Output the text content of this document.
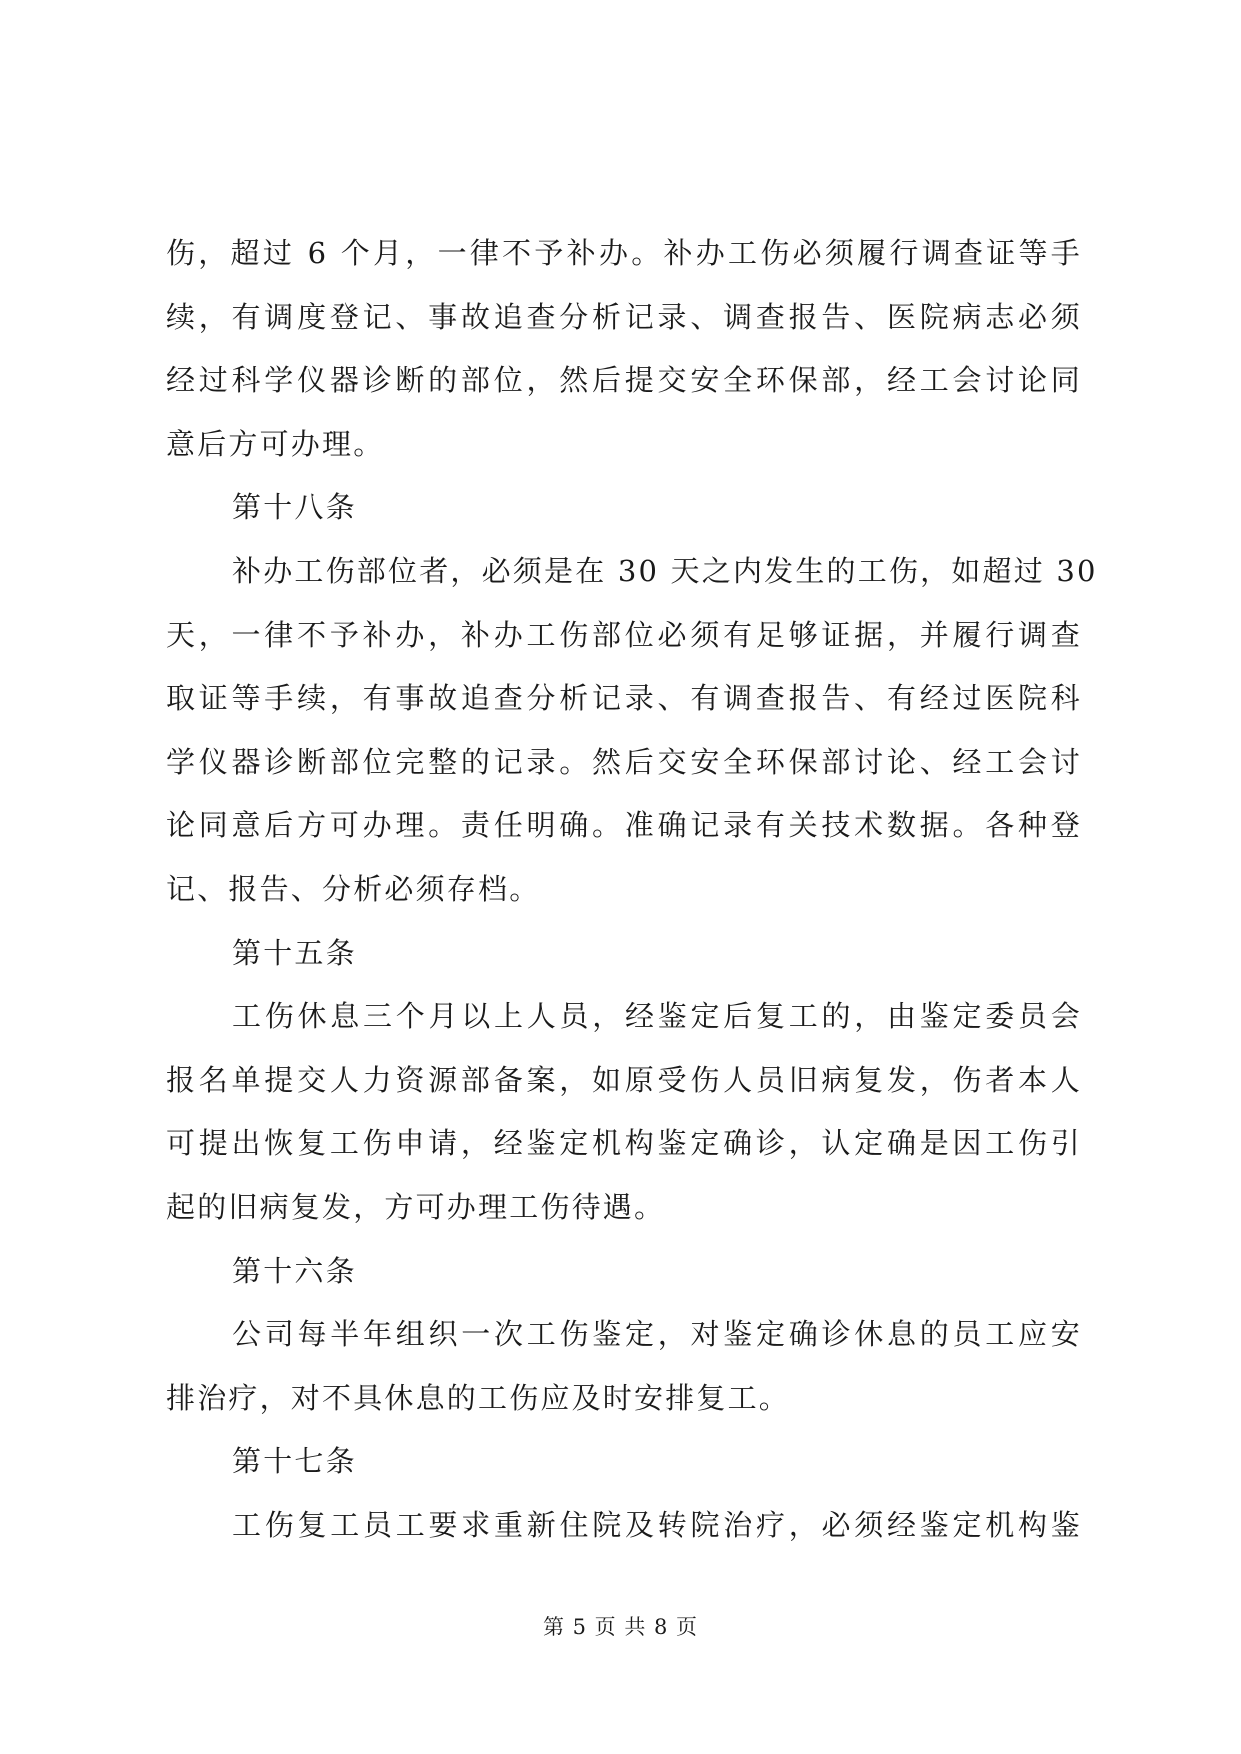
伤，超过 6 个月，一律不予补办。补办工伤必须履行调查证等手
续，有调度登记、事故追查分析记录、调查报告、医院病志必须
经过科学仪器诊断的部位，然后提交安全环保部，经工会讨论同
意后方可办理。
第十八条
补办工伤部位者，必须是在 30 天之内发生的工伤，如超过 30
天，一律不予补办，补办工伤部位必须有足够证据，并履行调查
取证等手续，有事故追查分析记录、有调查报告、有经过医院科
学仪器诊断部位完整的记录。然后交安全环保部讨论、经工会讨
论同意后方可办理。责任明确。准确记录有关技术数据。各种登
记、报告、分析必须存档。
第十五条
工伤休息三个月以上人员，经鉴定后复工的，由鉴定委员会
报名单提交人力资源部备案，如原受伤人员旧病复发，伤者本人
可提出恢复工伤申请，经鉴定机构鉴定确诊，认定确是因工伤引
起的旧病复发，方可办理工伤待遇。
第十六条
公司每半年组织一次工伤鉴定，对鉴定确诊休息的员工应安
排治疗，对不具休息的工伤应及时安排复工。
第十七条
工伤复工员工要求重新住院及转院治疗，必须经鉴定机构鉴
第 5 页 共 8 页
